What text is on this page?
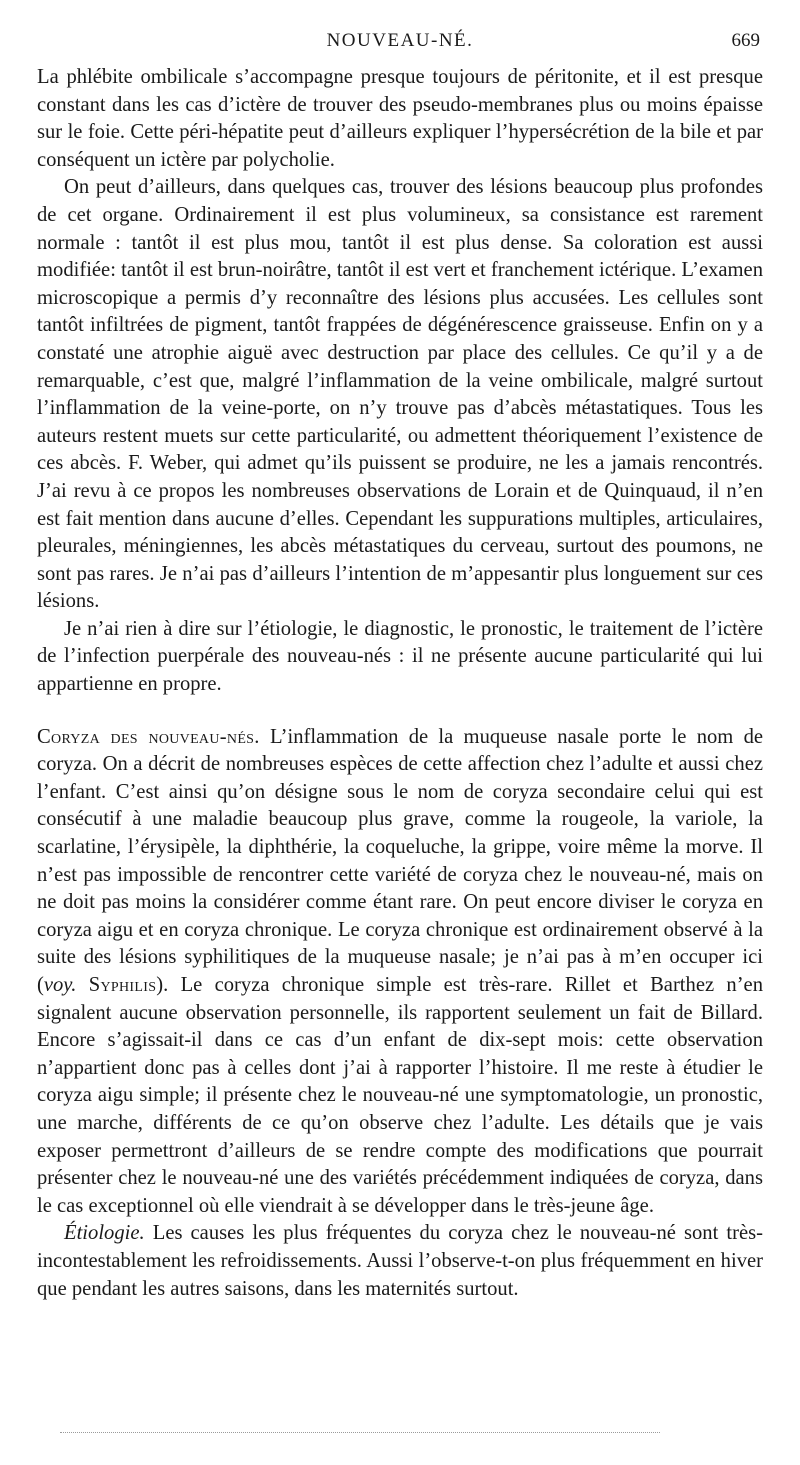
NOUVEAU-NÉ.	669

La phlébite ombilicale s’accompagne presque toujours de péritonite, et il est presque constant dans les cas d’ictère de trouver des pseudo-membranes plus ou moins épaisse sur le foie. Cette péri-hépatite peut d’ailleurs expliquer l’hypersécrétion de la bile et par conséquent un ictère par polycholie.

On peut d’ailleurs, dans quelques cas, trouver des lésions beaucoup plus profondes de cet organe. Ordinairement il est plus volumineux, sa consistance est rarement normale : tantôt il est plus mou, tantôt il est plus dense. Sa coloration est aussi modifiée: tantôt il est brun-noirâtre, tantôt il est vert et franchement ictérique. L’examen microscopique a permis d’y reconnaître des lésions plus accusées. Les cellules sont tantôt infiltrées de pigment, tantôt frappées de dégénérescence graisseuse. Enfin on y a constaté une atrophie aiguë avec destruction par place des cellules. Ce qu’il y a de remarquable, c’est que, malgré l’inflammation de la veine ombilicale, malgré surtout l’inflammation de la veine-porte, on n’y trouve pas d’abcès métastatiques. Tous les auteurs restent muets sur cette particularité, ou admettent théoriquement l’existence de ces abcès. F. Weber, qui admet qu’ils puissent se produire, ne les a jamais rencontrés. J’ai revu à ce propos les nombreuses observations de Lorain et de Quinquaud, il n’en est fait mention dans aucune d’elles. Cependant les suppurations multiples, articulaires, pleurales, méningiennes, les abcès métastatiques du cerveau, surtout des poumons, ne sont pas rares. Je n’ai pas d’ailleurs l’intention de m’appesantir plus longuement sur ces lésions.

Je n’ai rien à dire sur l’étiologie, le diagnostic, le pronostic, le traitement de l’ictère de l’infection puerpérale des nouveau-nés : il ne présente aucune particularité qui lui appartienne en propre.

Coryza des nouveau-nés. L’inflammation de la muqueuse nasale porte le nom de coryza. On a décrit de nombreuses espèces de cette affection chez l’adulte et aussi chez l’enfant. C’est ainsi qu’on désigne sous le nom de coryza secondaire celui qui est consécutif à une maladie beaucoup plus grave, comme la rougeole, la variole, la scarlatine, l’érysipèle, la diphthérie, la coqueluche, la grippe, voire même la morve. Il n’est pas impossible de rencontrer cette variété de coryza chez le nouveau-né, mais on ne doit pas moins la considérer comme étant rare. On peut encore diviser le coryza en coryza aigu et en coryza chronique. Le coryza chronique est ordinairement observé à la suite des lésions syphilitiques de la muqueuse nasale; je n’ai pas à m’en occuper ici (voy. Syphilis). Le coryza chronique simple est très-rare. Rillet et Barthez n’en signalent aucune observation personnelle, ils rapportent seulement un fait de Billard. Encore s’agissait-il dans ce cas d’un enfant de dix-sept mois: cette observation n’appartient donc pas à celles dont j’ai à rapporter l’histoire. Il me reste à étudier le coryza aigu simple; il présente chez le nouveau-né une symptomatologie, un pronostic, une marche, différents de ce qu’on observe chez l’adulte. Les détails que je vais exposer permettront d’ailleurs de se rendre compte des modifications que pourrait présenter chez le nouveau-né une des variétés précédemment indiquées de coryza, dans le cas exceptionnel où elle viendrait à se développer dans le très-jeune âge.

Étiologie. Les causes les plus fréquentes du coryza chez le nouveau-né sont très-incontestablement les refroidissements. Aussi l’observe-t-on plus fréquemment en hiver que pendant les autres saisons, dans les maternités surtout.
